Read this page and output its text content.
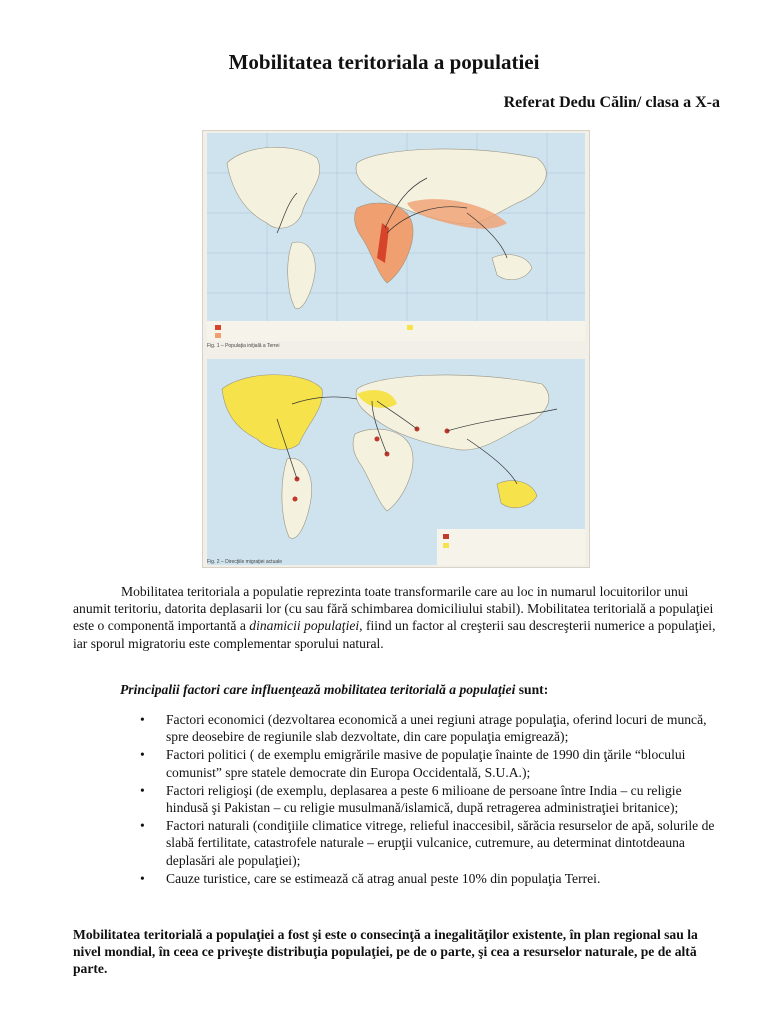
Mobilitatea teritoriala a populatiei

Referat Dedu Călin/ clasa a X-a

Fig. 1 – Populaţia iniţială a Terrei
Fig. 2 – Direcţiile migraţiei actuale

Mobilitatea teritoriala a populatie reprezinta toate transformarile care au loc in numarul locuitorilor unui anumit teritoriu, datorita deplasarii lor (cu sau fără schimbarea domiciliului stabil). Mobilitatea teritorială a populaţiei este o componentă importantă a dinamicii populaţiei, fiind un factor al creşterii sau descreşterii numerice a populaţiei, iar sporul migratoriu este complementar sporului natural.

Principalii factori care influenţează mobilitatea teritorială a populaţiei sunt:

• Factori economici (dezvoltarea economică a unei regiuni atrage populaţia, oferind locuri de muncă, spre deosebire de regiunile slab dezvoltate, din care populaţia emigrează);
• Factori politici ( de exemplu emigrările masive de populaţie înainte de 1990 din ţările “blocului comunist” spre statele democrate din Europa Occidentală, S.U.A.);
• Factori religioşi (de exemplu, deplasarea a peste 6 milioane de persoane între India – cu religie hindusă şi Pakistan – cu religie musulmană/islamică, după retragerea administraţiei britanice);
• Factori naturali (condiţiile climatice vitrege, relieful inaccesibil, sărăcia resurselor de apă, solurile de slabă fertilitate, catastrofele naturale – erupţii vulcanice, cutremure, au determinat dintotdeauna deplasări ale populaţiei);
• Cauze turistice, care se estimează că atrag anual peste 10% din populaţia Terrei.

Mobilitatea teritorială a populaţiei a fost şi este o consecinţă a inegalităţilor existente, în plan regional sau la nivel mondial, în ceea ce priveşte distribuţia populaţiei, pe de o parte, şi cea a resurselor naturale, pe de altă parte.
